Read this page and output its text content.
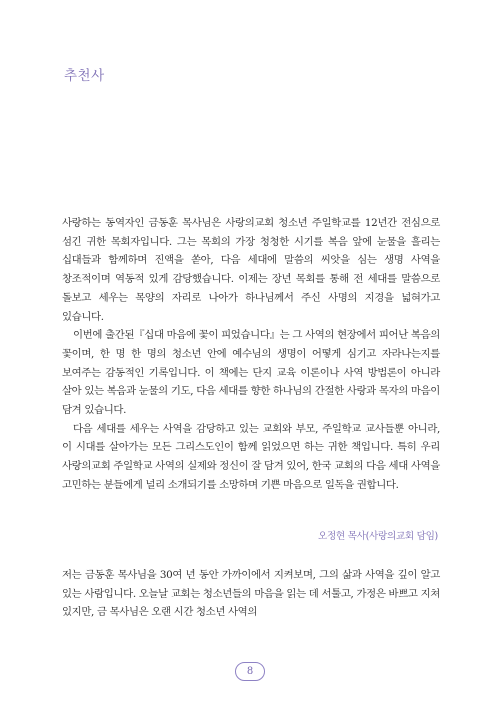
추천사

사랑하는 동역자인 금동훈 목사님은 사랑의교회 청소년 주일학교를 12년간 전심으로 섬긴 귀한 목회자입니다. 그는 목회의 가장 청청한 시기를 복음 앞에 눈물을 흘리는 십대들과 함께하며 진액을 쏟아, 다음 세대에 말씀의 씨앗을 심는 생명 사역을 창조적이며 역동적 있게 감당했습니다. 이제는 장년 목회를 통해 전 세대를 말씀으로 돌보고 세우는 목양의 자리로 나아가 하나님께서 주신 사명의 지경을 넓혀가고 있습니다.

이번에 출간된『십대 마음에 꽃이 피었습니다』는 그 사역의 현장에서 피어난 복음의 꽃이며, 한 명 한 명의 청소년 안에 예수님의 생명이 어떻게 심기고 자라나는지를 보여주는 감동적인 기록입니다. 이 책에는 단지 교육 이론이나 사역 방법론이 아니라 살아 있는 복음과 눈물의 기도, 다음 세대를 향한 하나님의 간절한 사랑과 목자의 마음이 담겨 있습니다.

다음 세대를 세우는 사역을 감당하고 있는 교회와 부모, 주일학교 교사들뿐 아니라, 이 시대를 살아가는 모든 그리스도인이 함께 읽었으면 하는 귀한 책입니다. 특히 우리 사랑의교회 주일학교 사역의 실제와 정신이 잘 담겨 있어, 한국 교회의 다음 세대 사역을 고민하는 분들에게 널리 소개되기를 소망하며 기쁜 마음으로 일독을 권합니다.

오정현 목사(사랑의교회 담임)

저는 금동훈 목사님을 30여 년 동안 가까이에서 지켜보며, 그의 삶과 사역을 깊이 알고 있는 사람입니다. 오늘날 교회는 청소년들의 마음을 읽는 데 서툴고, 가정은 바쁘고 지쳐 있지만, 금 목사님은 오랜 시간 청소년 사역의

8
